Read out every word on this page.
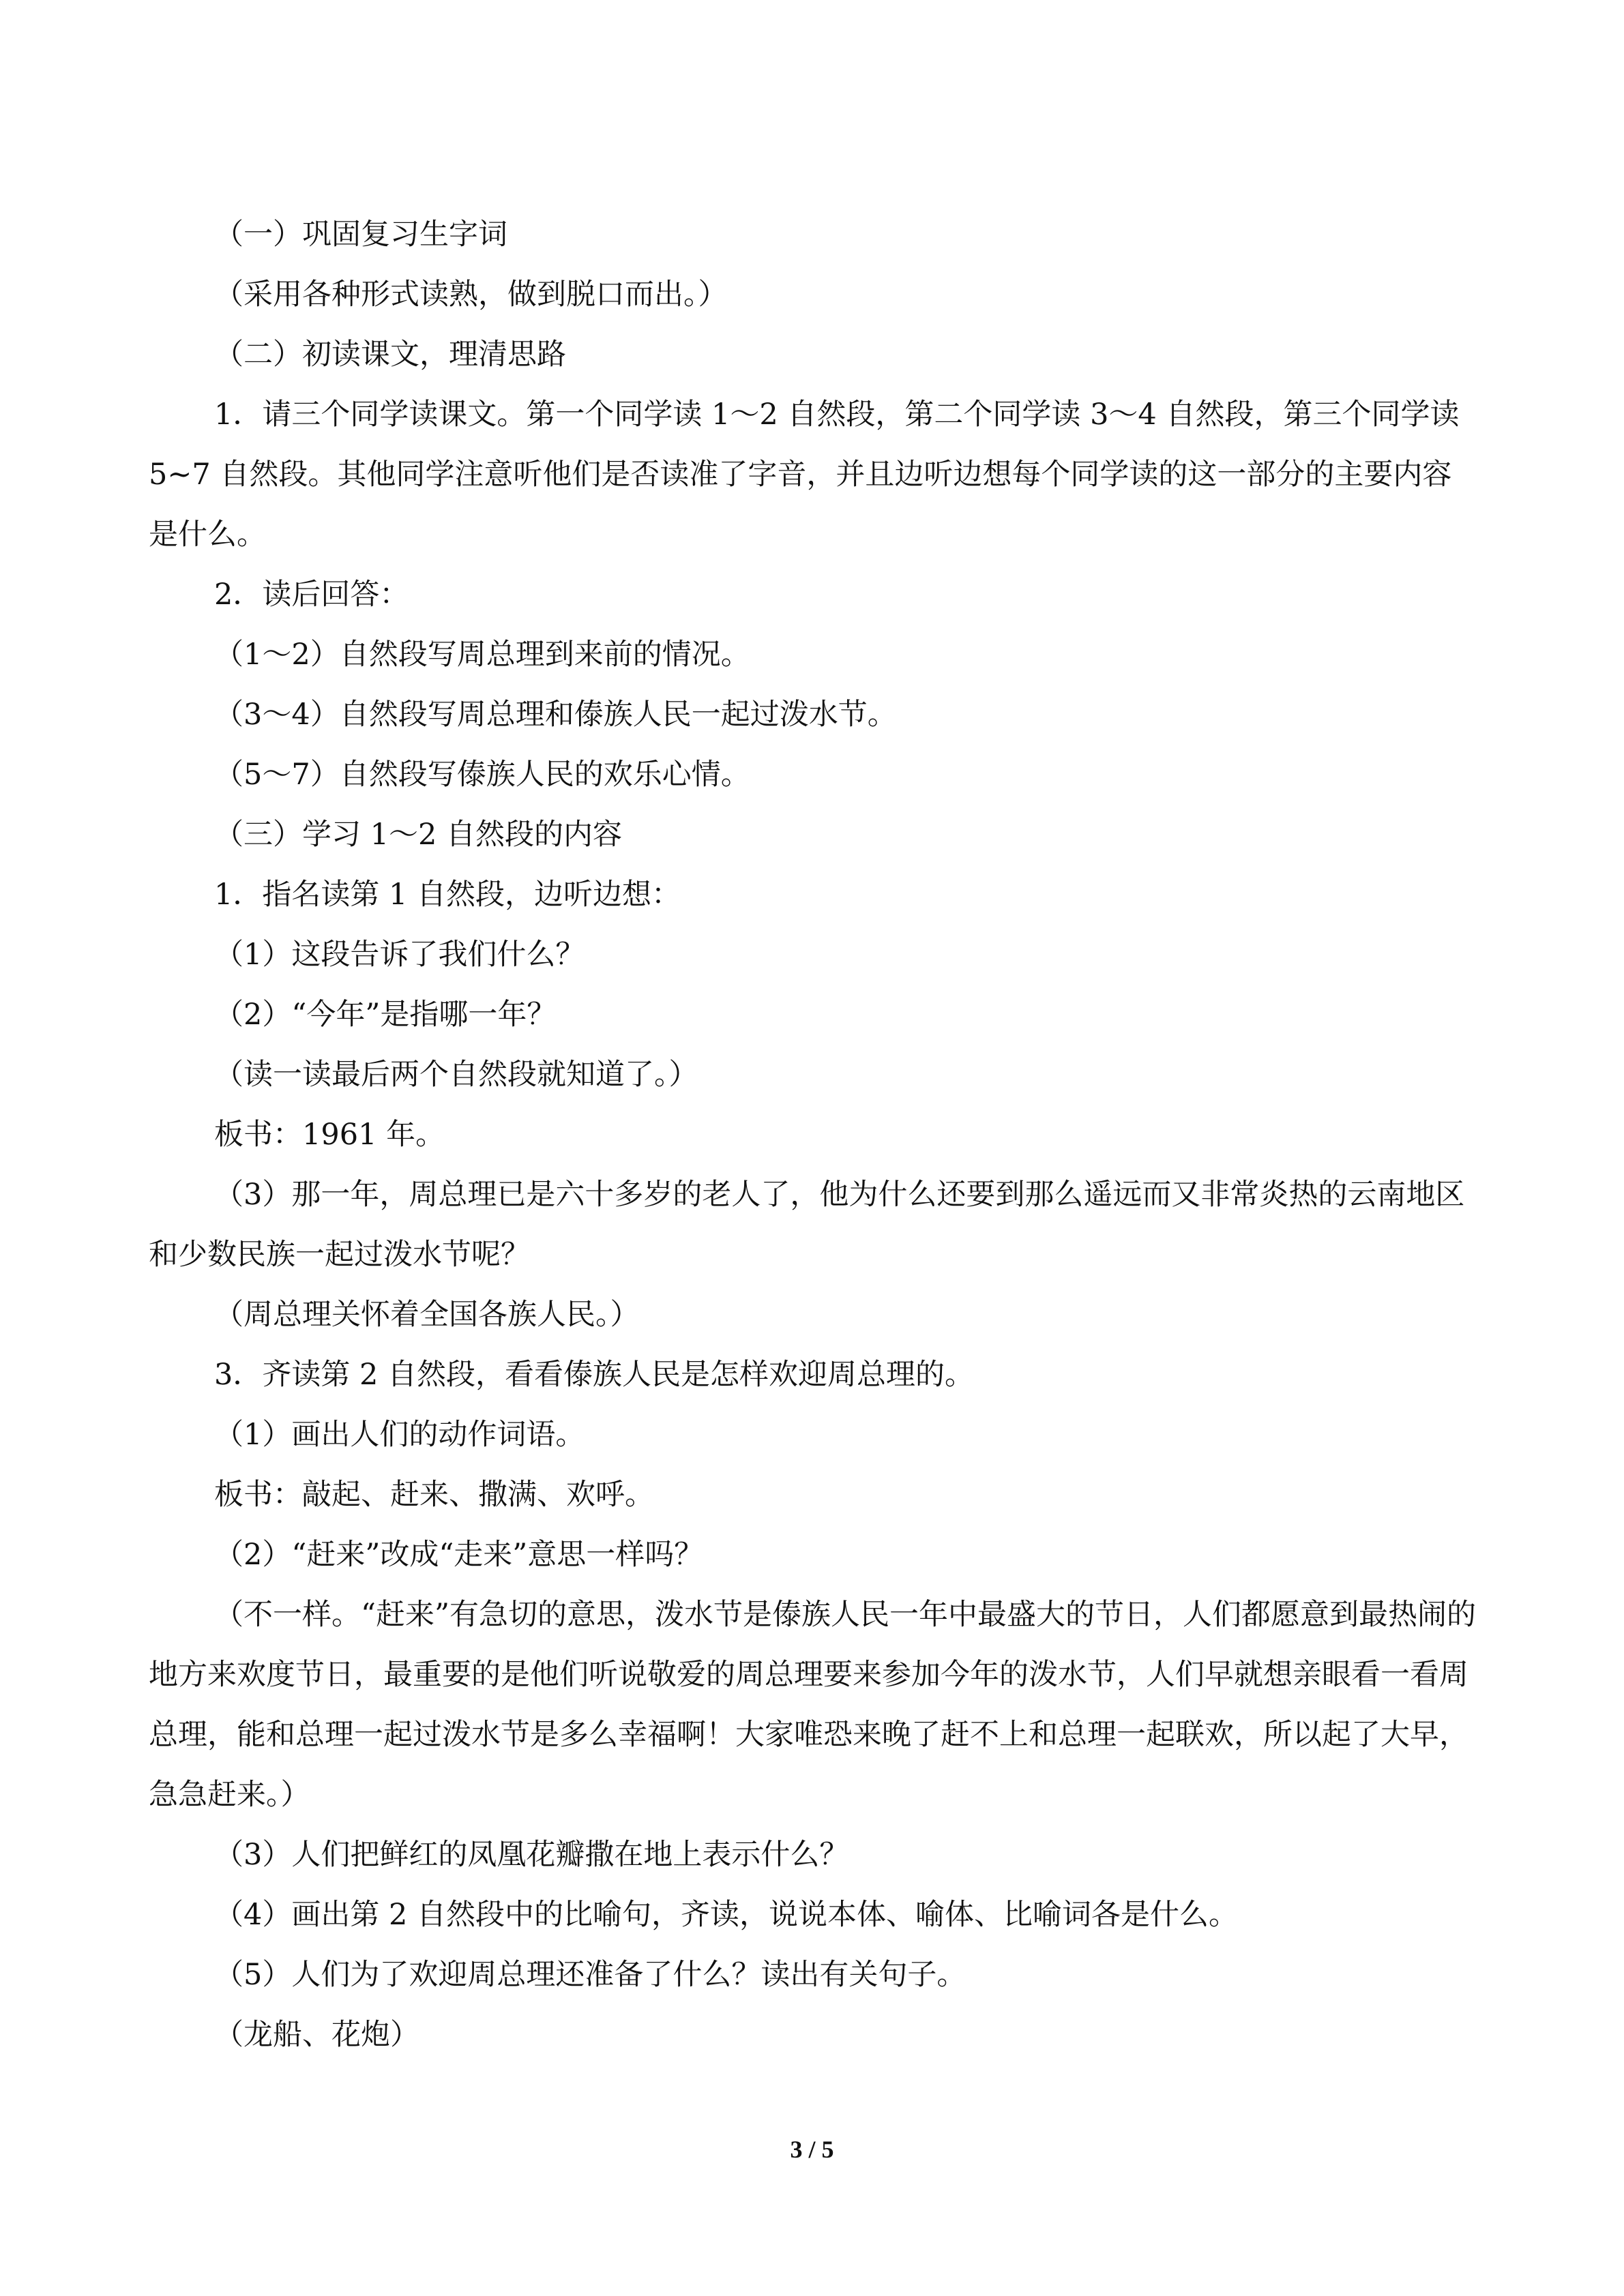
（一）巩固复习生字词

（采用各种形式读熟，做到脱口而出。）

（二）初读课文，理清思路

1．请三个同学读课文。第一个同学读 1～2 自然段，第二个同学读 3～4 自然段，第三个同学读 5~7 自然段。其他同学注意听他们是否读准了字音，并且边听边想每个同学读的这一部分的主要内容是什么。

2．读后回答：

（1～2）自然段写周总理到来前的情况。

（3～4）自然段写周总理和傣族人民一起过泼水节。

（5～7）自然段写傣族人民的欢乐心情。

（三）学习 1～2 自然段的内容

1．指名读第 1 自然段，边听边想：

（1）这段告诉了我们什么？

（2）“今年”是指哪一年？

（读一读最后两个自然段就知道了。）

板书：1961 年。

（3）那一年，周总理已是六十多岁的老人了，他为什么还要到那么遥远而又非常炎热的云南地区和少数民族一起过泼水节呢？

（周总理关怀着全国各族人民。）

3．齐读第 2 自然段，看看傣族人民是怎样欢迎周总理的。

（1）画出人们的动作词语。

板书：敲起、赶来、撒满、欢呼。

（2）“赶来”改成“走来”意思一样吗？

（不一样。“赶来”有急切的意思，泼水节是傣族人民一年中最盛大的节日，人们都愿意到最热闹的地方来欢度节日，最重要的是他们听说敬爱的周总理要来参加今年的泼水节，人们早就想亲眼看一看周总理，能和总理一起过泼水节是多么幸福啊！大家唯恐来晚了赶不上和总理一起联欢，所以起了大早，急急赶来。）

（3）人们把鲜红的凤凰花瓣撒在地上表示什么？

（4）画出第 2 自然段中的比喻句，齐读，说说本体、喻体、比喻词各是什么。

（5）人们为了欢迎周总理还准备了什么？读出有关句子。

（龙船、花炮）

3 / 5
